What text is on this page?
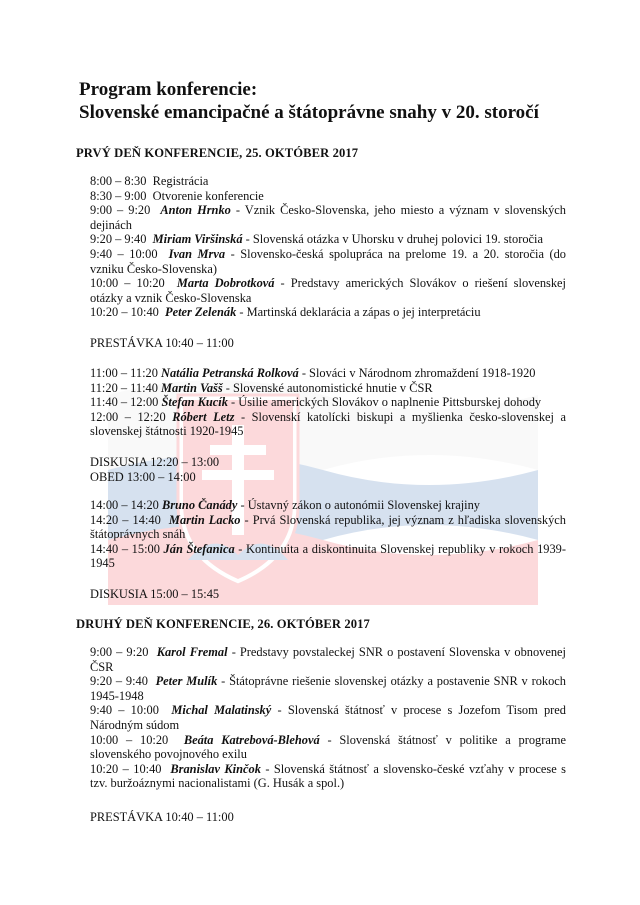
Program konferencie:
Slovenské emancipačné a štátoprávne snahy v 20. storočí

PRVÝ DEŇ KONFERENCIE, 25. OKTÓBER 2017

8:00 – 8:30 Registrácia

8:30 – 9:00 Otvorenie konferencie

9:00 – 9:20 Anton Hrnko - Vznik Česko-Slovenska, jeho miesto a význam v slovenských dejinách

9:20 – 9:40 Miriam Viršinská - Slovenská otázka v Uhorsku v druhej polovici 19. storočia

9:40 – 10:00 Ivan Mrva - Slovensko-česká spolupráca na prelome 19. a 20. storočia (do vzniku Česko-Slovenska)

10:00 – 10:20 Marta Dobrotková - Predstavy amerických Slovákov o riešení slovenskej otázky a vznik Česko-Slovenska

10:20 – 10:40 Peter Zelenák - Martinská deklarácia a zápas o jej interpretáciu

PRESTÁVKA 10:40 – 11:00

11:00 – 11:20 Natália Petranská Rolková - Slováci v Národnom zhromaždení 1918-1920

11:20 – 11:40 Martin Vašš - Slovenské autonomistické hnutie v ČSR

11:40 – 12:00 Štefan Kucík - Úsilie amerických Slovákov o naplnenie Pittsburskej dohody

12:00 – 12:20 Róbert Letz - Slovenskí katolícki biskupi a myšlienka česko-slovenskej a slovenskej štátnosti 1920-1945

DISKUSIA 12:20 – 13:00
OBED 13:00 – 14:00

14:00 – 14:20 Bruno Čanády - Ústavný zákon o autonómii Slovenskej krajiny

14:20 – 14:40 Martin Lacko - Prvá Slovenská republika, jej význam z hľadiska slovenských štátoprávnych snáh

14:40 – 15:00 Ján Štefanica - Kontinuita a diskontinuita Slovenskej republiky v rokoch 1939-1945

DISKUSIA 15:00 – 15:45

DRUHÝ DEŇ KONFERENCIE, 26. OKTÓBER 2017

9:00 – 9:20 Karol Fremal - Predstavy povstaleckej SNR o postavení Slovenska v obnovenej ČSR

9:20 – 9:40 Peter Mulík - Štátoprávne riešenie slovenskej otázky a postavenie SNR v rokoch 1945-1948

9:40 – 10:00 Michal Malatinský - Slovenská štátnosť v procese s Jozefom Tisom pred Národným súdom

10:00 – 10:20 Beáta Katrebová-Blehová - Slovenská štátnosť v politike a programe slovenského povojnového exilu

10:20 – 10:40 Branislav Kinčok - Slovenská štátnosť a slovensko-české vzťahy v procese s tzv. buržoáznymi nacionalistami (G. Husák a spol.)

PRESTÁVKA 10:40 – 11:00
